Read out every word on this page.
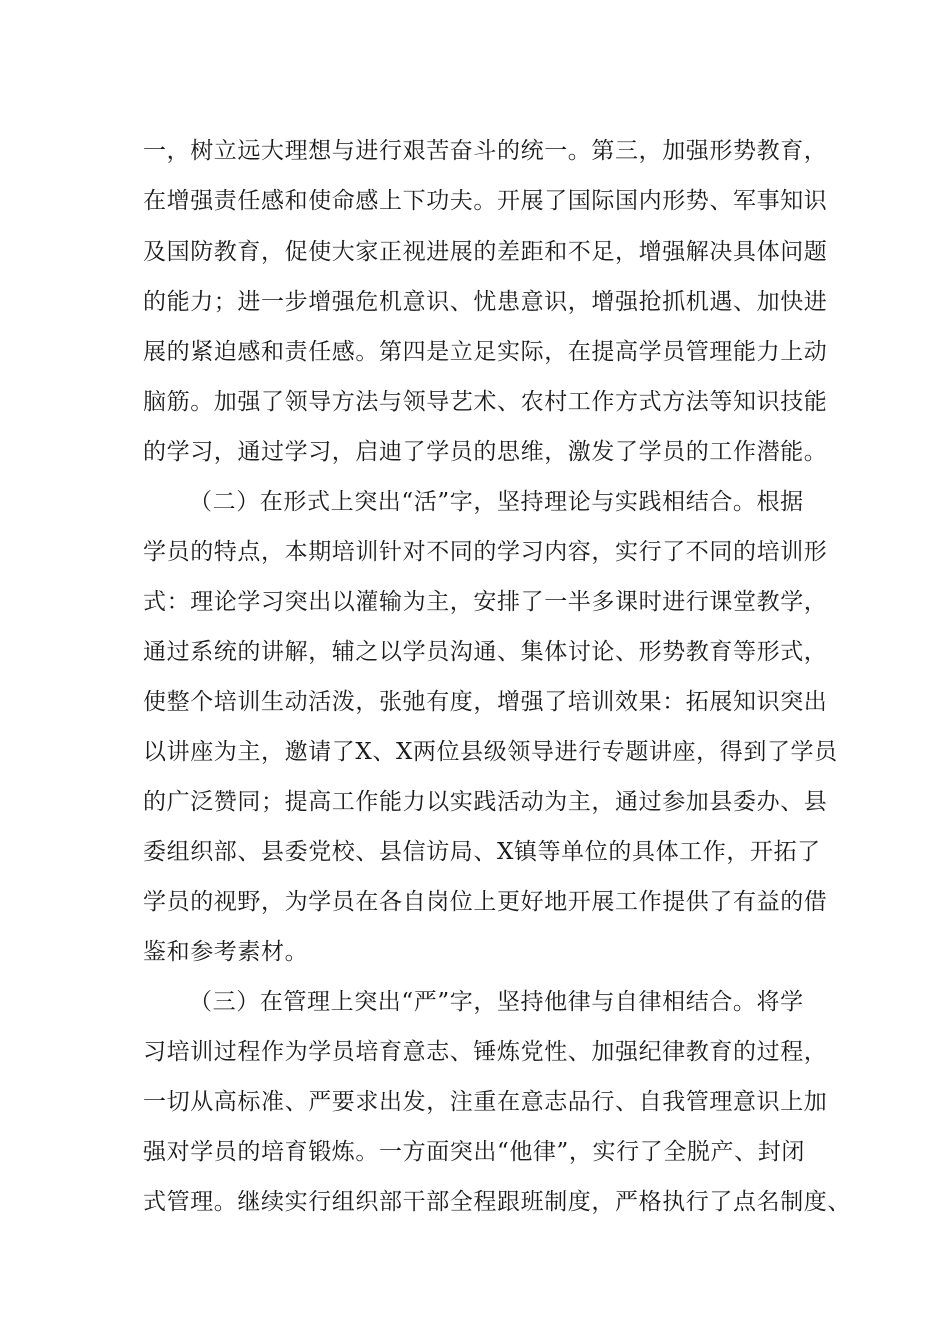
一，树立远大理想与进行艰苦奋斗的统一。第三，加强形势教育，
在增强责任感和使命感上下功夫。开展了国际国内形势、军事知识
及国防教育，促使大家正视进展的差距和不足，增强解决具体问题
的能力；进一步增强危机意识、忧患意识，增强抢抓机遇、加快进
展的紧迫感和责任感。第四是立足实际，在提高学员管理能力上动
脑筋。加强了领导方法与领导艺术、农村工作方式方法等知识技能
的学习，通过学习，启迪了学员的思维，激发了学员的工作潜能。
（二）在形式上突出“活”字，坚持理论与实践相结合。根据
学员的特点，本期培训针对不同的学习内容，实行了不同的培训形
式：理论学习突出以灌输为主，安排了一半多课时进行课堂教学，
通过系统的讲解，辅之以学员沟通、集体讨论、形势教育等形式，
使整个培训生动活泼，张弛有度，增强了培训效果：拓展知识突出
以讲座为主，邀请了X、X两位县级领导进行专题讲座，得到了学员
的广泛赞同；提高工作能力以实践活动为主，通过参加县委办、县
委组织部、县委党校、县信访局、X镇等单位的具体工作，开拓了
学员的视野，为学员在各自岗位上更好地开展工作提供了有益的借
鉴和参考素材。
（三）在管理上突出“严”字，坚持他律与自律相结合。将学
习培训过程作为学员培育意志、锤炼党性、加强纪律教育的过程，
一切从高标准、严要求出发，注重在意志品行、自我管理意识上加
强对学员的培育锻炼。一方面突出“他律”，实行了全脱产、封闭
式管理。继续实行组织部干部全程跟班制度，严格执行了点名制度、
